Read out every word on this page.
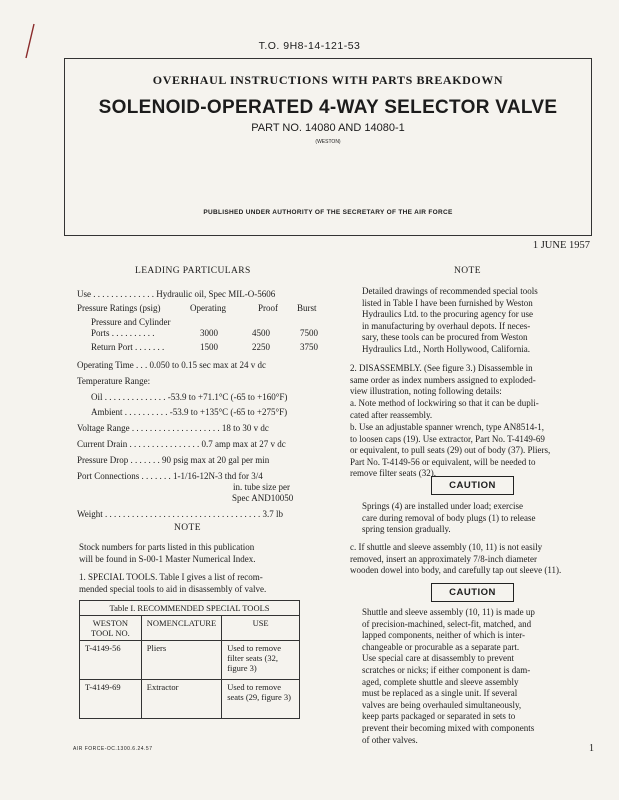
T.O. 9H8-14-121-53
OVERHAUL INSTRUCTIONS WITH PARTS BREAKDOWN
SOLENOID-OPERATED 4-WAY SELECTOR VALVE
PART NO. 14080 AND 14080-1
(WESTON)
PUBLISHED UNDER AUTHORITY OF THE SECRETARY OF THE AIR FORCE
1 JUNE 1957
LEADING PARTICULARS
Use . . . . . . . . . . . . . . Hydraulic oil, Spec MIL-O-5606
Pressure Ratings (psig)	Operating	Proof Burst
Pressure and Cylinder
Ports . . . . . . . . . .	3000	4500	7500
Return Port . . . . . . .	1500	2250	3750
Operating Time . . . 0.050 to 0.15 sec max at 24 v dc
Temperature Range:
Oil . . . . . . . . . . . . . . -53.9 to +71.1°C (-65 to +160°F)
Ambient . . . . . . . . . . -53.9 to +135°C (-65 to +275°F)
Voltage Range . . . . . . . . . . . . . . . . . . . . 18 to 30 v dc
Current Drain . . . . . . . . . . . . . . . . 0.7 amp max at 27 v dc
Pressure Drop . . . . . . . 90 psig max at 20 gal per min
Port Connections . . . . . . . 1-1/16-12N-3 thd for 3/4
in. tube size per
Spec AND10050
Weight . . . . . . . . . . . . . . . . . . . . . . . . . . . . . . . . . . . 3.7 lb
NOTE
Stock numbers for parts listed in this publication
will be found in S-00-1 Master Numerical Index.
1. SPECIAL TOOLS. Table I gives a list of recom-
mended special tools to aid in disassembly of valve.
Table I. RECOMMENDED SPECIAL TOOLS		
WESTON TOOL NO.	NOMENCLATURE	USE
T-4149-56	Pliers	Used to remove filter seats (32, figure 3)
T-4149-69	Extractor	Used to remove seats (29, figure 3)
NOTE
Detailed drawings of recommended special tools
listed in Table I have been furnished by Weston
Hydraulics Ltd. to the procuring agency for use
in manufacturing by overhaul depots. If neces-
sary, these tools can be procured from Weston
Hydraulics Ltd., North Hollywood, California.
2. DISASSEMBLY. (See figure 3.) Disassemble in
same order as index numbers assigned to exploded-
view illustration, noting following details:
a. Note method of lockwiring so that it can be dupli-
cated after reassembly.
b. Use an adjustable spanner wrench, type AN8514-1,
to loosen caps (19). Use extractor, Part No. T-4149-69
or equivalent, to pull seats (29) out of body (37). Pliers,
Part No. T-4149-56 or equivalent, will be needed to
remove filter seats (32).
CAUTION
Springs (4) are installed under load; exercise
care during removal of body plugs (1) to release
spring tension gradually.
c. If shuttle and sleeve assembly (10, 11) is not easily
removed, insert an approximately 7/8-inch diameter
wooden dowel into body, and carefully tap out sleeve (11).
CAUTION
Shuttle and sleeve assembly (10, 11) is made up
of precision-machined, select-fit, matched, and
lapped components, neither of which is inter-
changeable or procurable as a separate part.
Use special care at disassembly to prevent
scratches or nicks; if either component is dam-
aged, complete shuttle and sleeve assembly
must be replaced as a single unit. If several
valves are being overhauled simultaneously,
keep parts packaged or separated in sets to
prevent their becoming mixed with components
of other valves.
AIR FORCE-OC.1300.6.24.57	1
